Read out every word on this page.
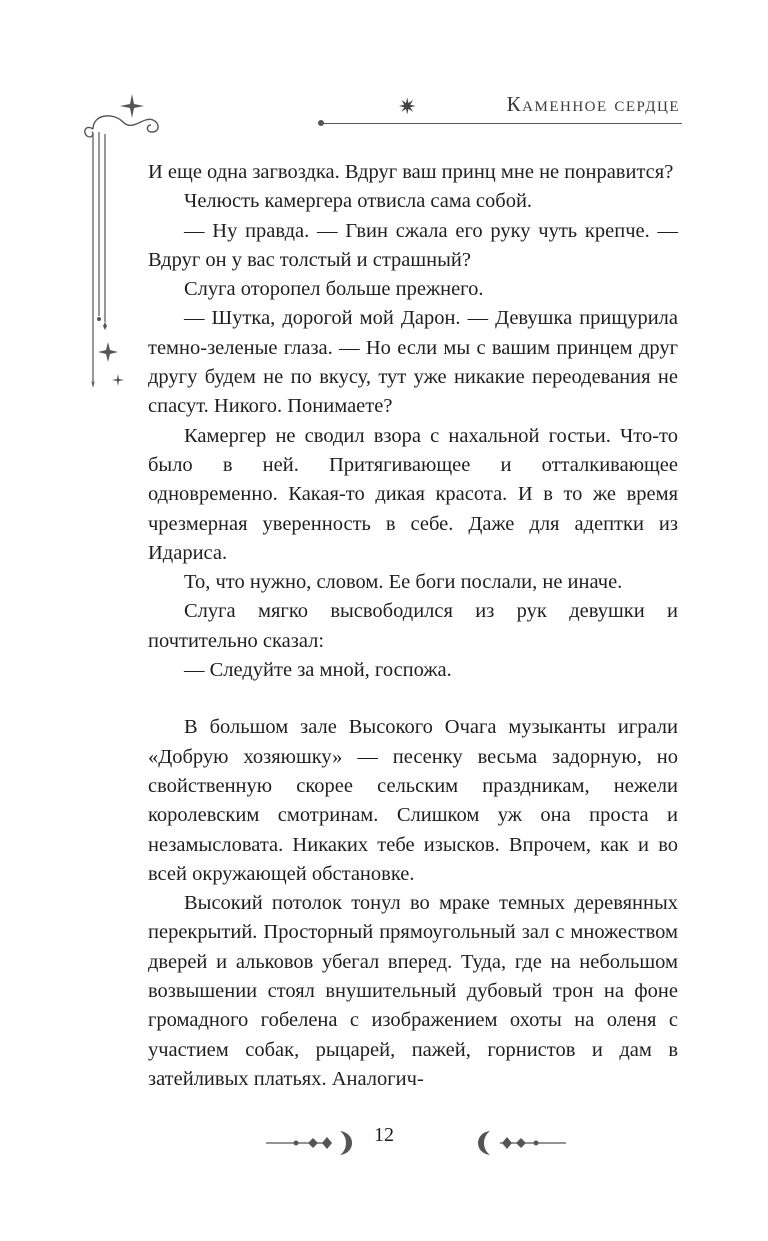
✷	Каменное сердце

И еще одна загвоздка. Вдруг ваш принц мне не понравится?

Челюсть камергера отвисла сама собой.

— Ну правда. — Гвин сжала его руку чуть крепче. — Вдруг он у вас толстый и страшный?

Слуга оторопел больше прежнего.

— Шутка, дорогой мой Дарон. — Девушка прищурила темно-зеленые глаза. — Но если мы с вашим принцем друг другу будем не по вкусу, тут уже никакие переодевания не спасут. Никого. Понимаете?

Камергер не сводил взора с нахальной гостьи. Что-то было в ней. Притягивающее и отталкивающее одновременно. Какая-то дикая красота. И в то же время чрезмерная уверенность в себе. Даже для адептки из Идариса.

То, что нужно, словом. Ее боги послали, не иначе.

Слуга мягко высвободился из рук девушки и почтительно сказал:

— Следуйте за мной, госпожа.

В большом зале Высокого Очага музыканты играли «Добрую хозяюшку» — песенку весьма задорную, но свойственную скорее сельским праздникам, нежели королевским смотринам. Слишком уж она проста и незамысловата. Никаких тебе изысков. Впрочем, как и во всей окружающей обстановке.

Высокий потолок тонул во мраке темных деревянных перекрытий. Просторный прямоугольный зал с множеством дверей и альковов убегал вперед. Туда, где на небольшом возвышении стоял внушительный дубовый трон на фоне громадного гобелена с изображением охоты на оленя с участием собак, рыцарей, пажей, горнистов и дам в затейливых платьях. Аналогич-

12
